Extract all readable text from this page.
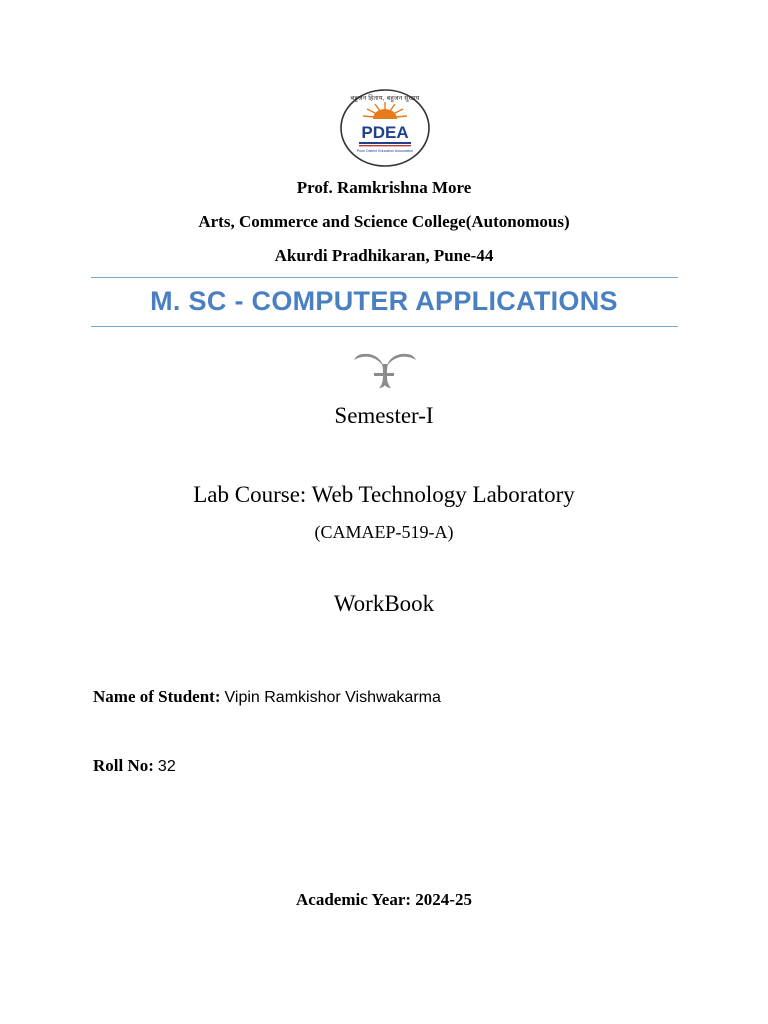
बहुजन हिताय, बहुजन सुखाय
PDEA
Pune District Education Association
Prof. Ramkrishna More
Arts, Commerce and Science College(Autonomous)
Akurdi Pradhikaran, Pune-44
M. SC - COMPUTER APPLICATIONS
Semester-I
Lab Course: Web Technology Laboratory
(CAMAEP-519-A)
WorkBook
Name of Student: Vipin Ramkishor Vishwakarma
Roll No: 32
Academic Year: 2024-25
